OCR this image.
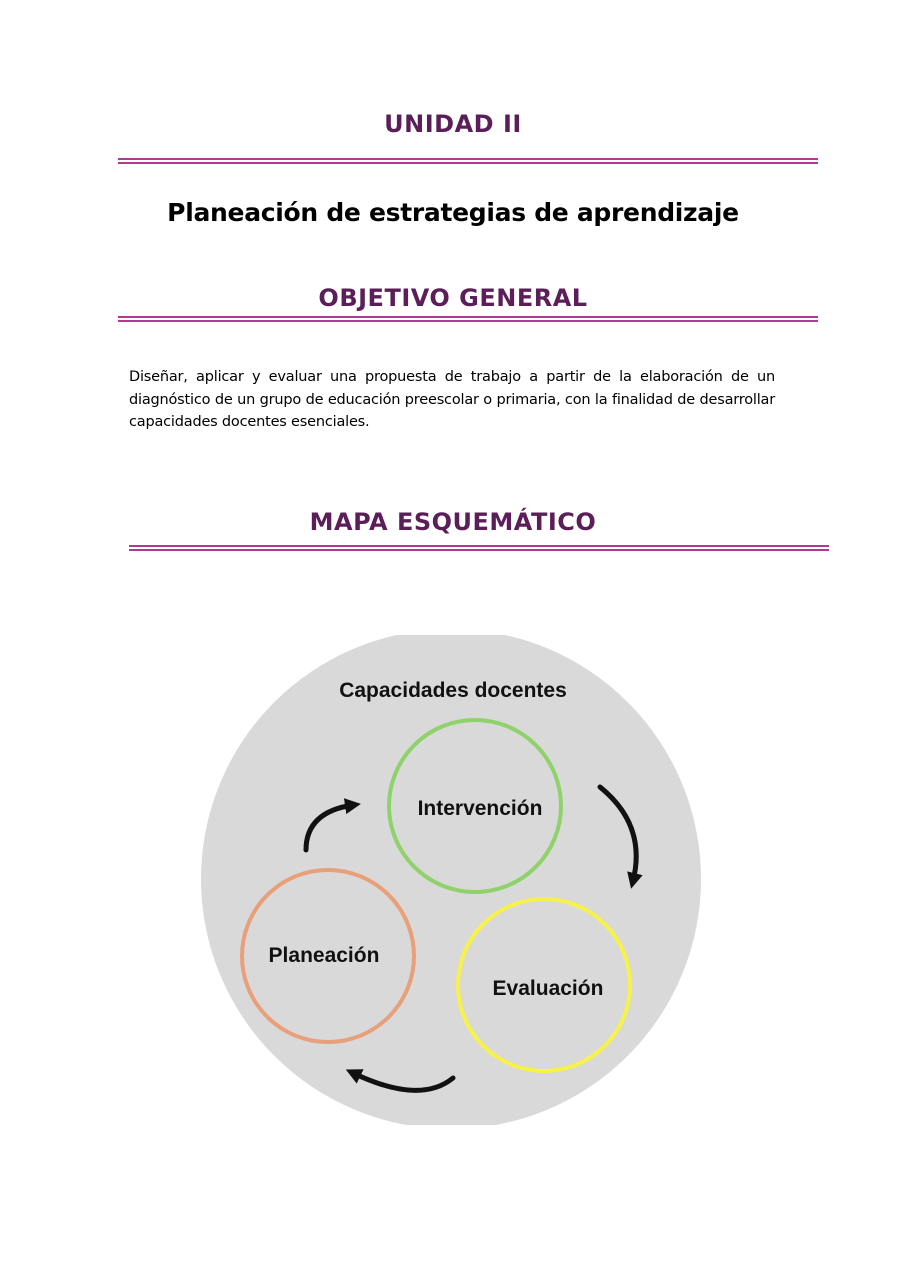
UNIDAD II
Planeación de estrategias de aprendizaje
OBJETIVO GENERAL

Diseñar, aplicar y evaluar una propuesta de trabajo a partir de la elaboración de un diagnóstico de un grupo de educación preescolar o primaria, con la finalidad de desarrollar capacidades docentes esenciales.

MAPA ESQUEMÁTICO
Capacidades docentes
Intervención
Evaluación
Planeación
